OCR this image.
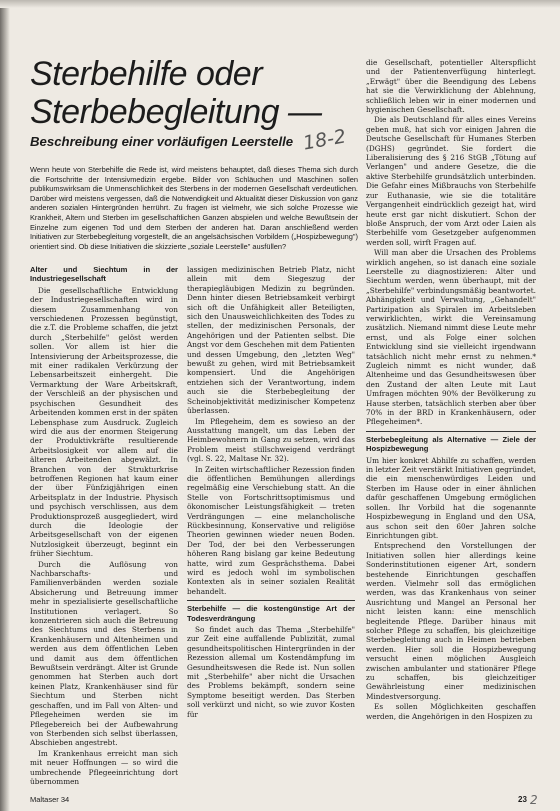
Sterbehilfe oder Sterbebegleitung —
Beschreibung einer vorläufigen Leerstelle 18-2

Wenn heute von Sterbehilfe die Rede ist, wird meistens behauptet, daß dieses Thema sich durch die Fortschritte der Intensivmedizin ergebe. Bilder von Schläuchen und Maschinen sollen publikumswirksam die Unmenschlichkeit des Sterbens in der modernen Gesellschaft verdeutlichen. Darüber wird meistens vergessen, daß die Notwendigkeit und Aktualität dieser Diskussion von ganz anderen sozialen Hintergründen herrührt. Zu fragen ist vielmehr, wie sich solche Prozesse wie Krankheit, Altern und Sterben im gesellschaftlichen Ganzen abspielen und welche Bewußtsein der Einzelne zum eigenen Tod und dem Sterben der anderen hat. Daran anschließend werden Initiativen zur Sterbebegleitung vorgestellt, die an angelsächsischen Vorbildern („Hospizbewegung") orientiert sind. Ob diese Initiativen die skizzierte „soziale Leerstelle" ausfüllen?

Alter und Siechtum in der Industriegesellschaft

Die gesellschaftliche Entwicklung der Industriegesellschaften wird in diesem Zusammenhang von verschiedenen Prozessen begünstigt, die z.T. die Probleme schaffen, die jetzt durch „Sterbehilfe" gelöst werden sollen. Vor allem ist hier die Intensivierung der Arbeitsprozesse, die mit einer radikalen Verkürzung der Lebensarbeitszeit einhergeht. Die Vermarktung der Ware Arbeitskraft, der Verschleiß an der physischen und psychischen Gesundheit des Arbeitenden kommen erst in der späten Lebensphase zum Ausdruck. Zugleich wird die aus der enormen Steigerung der Produktivkräfte resultierende Arbeitslosigkeit vor allem auf die älteren Arbeitenden abgewälzt. In Branchen von der Strukturkrise betroffenen Regionen hat kaum einer der über Fünfzigjährigen einen Arbeitsplatz in der Industrie. Physisch und psychisch verschlissen, aus dem Produktionsprozeß ausgegliedert, wird durch die Ideologie der Arbeitsgesellschaft von der eigenen Nutzlosigkeit überzeugt, beginnt ein früher Siechtum.

Durch die Auflösung von Nachbarschafts- und Familienverbänden werden soziale Absicherung und Betreuung immer mehr in spezialisierte gesellschaftliche Institutionen verlagert. So konzentrieren sich auch die Betreuung des Siechtums und des Sterbens in Krankenhäusern und Altenheimen und werden aus dem öffentlichen Leben und damit aus dem öffentlichen Bewußtsein verdrängt. Alter ist Grunde genommen hat Sterben auch dort keinen Platz, Krankenhäuser sind für Siechtum und Sterben nicht geschaffen, und im Fall von Alten- und Pflegeheimen werden sie im Pflegebereich bei der Aufbewahrung von Sterbenden sich selbst überlassen, Abschieben angestrebt.

Im Krankenhaus erreicht man sich mit neuer Hoffnungen — so wird die umbrechende Pflegeeinrichtung dort übernommen

lassigen medizinischen Betrieb Platz, nicht allein mit dem Siegeszug der therapiegläubigen Medizin zu begründen. Denn hinter diesen Betriebsamkeit verbirgt sich oft die Unfähigkeit aller Beteiligten, sich den Unausweichlichkeiten des Todes zu stellen, der medizinischen Personals, der Angehörigen und der Patienten selbst. Die Angst vor dem Geschehen mit dem Patienten und dessen Umgebung, den „letzten Weg" bewußt zu gehen, wird mit Betriebsamkeit kompensiert. Und die Angehörigen entziehen sich der Verantwortung, indem auch sie die Sterbebegleitung der Scheinobjektivität medizinischer Kompetenz überlassen.

Im Pflegeheim, dem es sowieso an der Ausstattung mangelt, um das Leben der Heimbewohnern in Gang zu setzen, wird das Problem meist stillschweigend verdrängt (vgl. S. 22, Maltase Nr. 32).

In Zeiten wirtschaftlicher Rezession finden die öffentlichen Bemühungen allerdings regelmäßig eine Verschiebung statt. An die Stelle von Fortschrittsoptimismus und ökonomischer Leistungsfähigkeit — treten Verdrängungen — eine melancholische Rückbesinnung, Konservative und religiöse Theorien gewinnen wieder neuen Boden. Der Tod, der bei den Verbesserungen höheren Rang bislang gar keine Bedeutung hatte, wird zum Gesprächsthema. Dabei wird es jedoch wohl im symbolischen Kontexten als in seiner sozialen Realität behandelt.

Sterbehilfe — die kostengünstige Art der Todesverdrängung

So findet auch das Thema „Sterbehilfe" zur Zeit eine auffallende Publizität, zumal gesundheitspolitischen Hintergründen in der Rezession allemal um Kostendämpfung im Gesundheitswesen die Rede ist. Nun sollen mit „Sterbehilfe" aber nicht die Ursachen des Problems bekämpft, sondern seine Symptome beseitigt werden. Das Sterben soll verkürzt und nicht, so wie zuvor Kosten für

die Gesellschaft, potentieller Alterspflicht und der Patientenverfügung hinterlegt. „Erwägt" über die Beendigung des Lebens hat sie die Verwirklichung der Ablehnung, schließlich leben wir in einer modernen und hygienischen Gesellschaft.

Die als Deutschland für alles eines Vereins geben muß, hat sich vor einigen Jahren die Deutsche Gesellschaft für Humanes Sterben (DGHS) gegründet. Sie fordert die Liberalisierung des § 216 StGB „Tötung auf Verlangen" und andere Gesetze, die die aktive Sterbehilfe grundsätzlich unterbinden. Die Gefahr eines Mißbrauchs von Sterbehilfe zur Euthanasie, wie sie die totalitäre Vergangenheit eindrücklich gezeigt hat, wird heute erst gar nicht diskutiert. Schon der bloße Anspruch, der vom Arzt oder Laien als Sterbehilfe vom Gesetzgeber aufgenommen werden soll, wirft Fragen auf.

Will man aber die Ursachen des Problems wirklich angehen, so ist danach eine soziale Leerstelle zu diagnostizieren: Alter und Siechtum werden, wenn überhaupt, mit der „Sterbehilfe" verbindungsmäßig beantwortet. Abhängigkeit und Verwaltung, „Gehandelt" Partizipation als Spiralen im Arbeitsleben verwirklichten, wirkt die Vereinsamung zusätzlich. Niemand nimmt diese Leute mehr ernst, und als Folge einer solchen Entwicklung sind sie vielleicht irgendwann tatsächlich nicht mehr ernst zu nehmen.* Zugleich nimmt es nicht wunder, daß Altenheime und das Gesundheitswesen über den Zustand der alten Leute mit Laut Umfragen möchten 90% der Bevölkerung zu Hause sterben, tatsächlich sterben aber über 70% in der BRD in Krankenhäusern, oder Pflegeheimen*.

Sterbebegleitung als Alternative — Ziele der Hospizbewegung

Um hier konkret Abhilfe zu schaffen, werden in letzter Zeit verstärkt Initiativen gegründet, die ein menschenwürdiges Leiden und Sterben im Hause oder in einer ähnlichen dafür geschaffenen Umgebung ermöglichen sollen. Ihr Vorbild hat die sogenannte Hospizbewegung in England und den USA, aus schon seit den 60er Jahren solche Einrichtungen gibt.

Entsprechend den Vorstellungen der Initiativen sollen hier allerdings keine Sonderinstitutionen eigener Art, sondern bestehende Einrichtungen geschaffen werden. Vielmehr soll das ermöglichen werden, was das Krankenhaus von seiner Ausrichtung und Mangel an Personal her nicht leisten kann: eine menschlich begleitende Pflege. Darüber hinaus mit solcher Pflege zu schaffen, bis gleichzeitige Sterbebegleitung auch in Heimen betrieben werden. Hier soll die Hospizbewegung versucht einen möglichen Ausgleich zwischen ambulanter und stationärer Pflege zu schaffen, bis gleichzeitiger Gewährleistung einer medizinischen Mindestversorgung.

Es sollen Möglichkeiten geschaffen werden, die Angehörigen in den Hospizen zu

Maltaser 34	23 2
